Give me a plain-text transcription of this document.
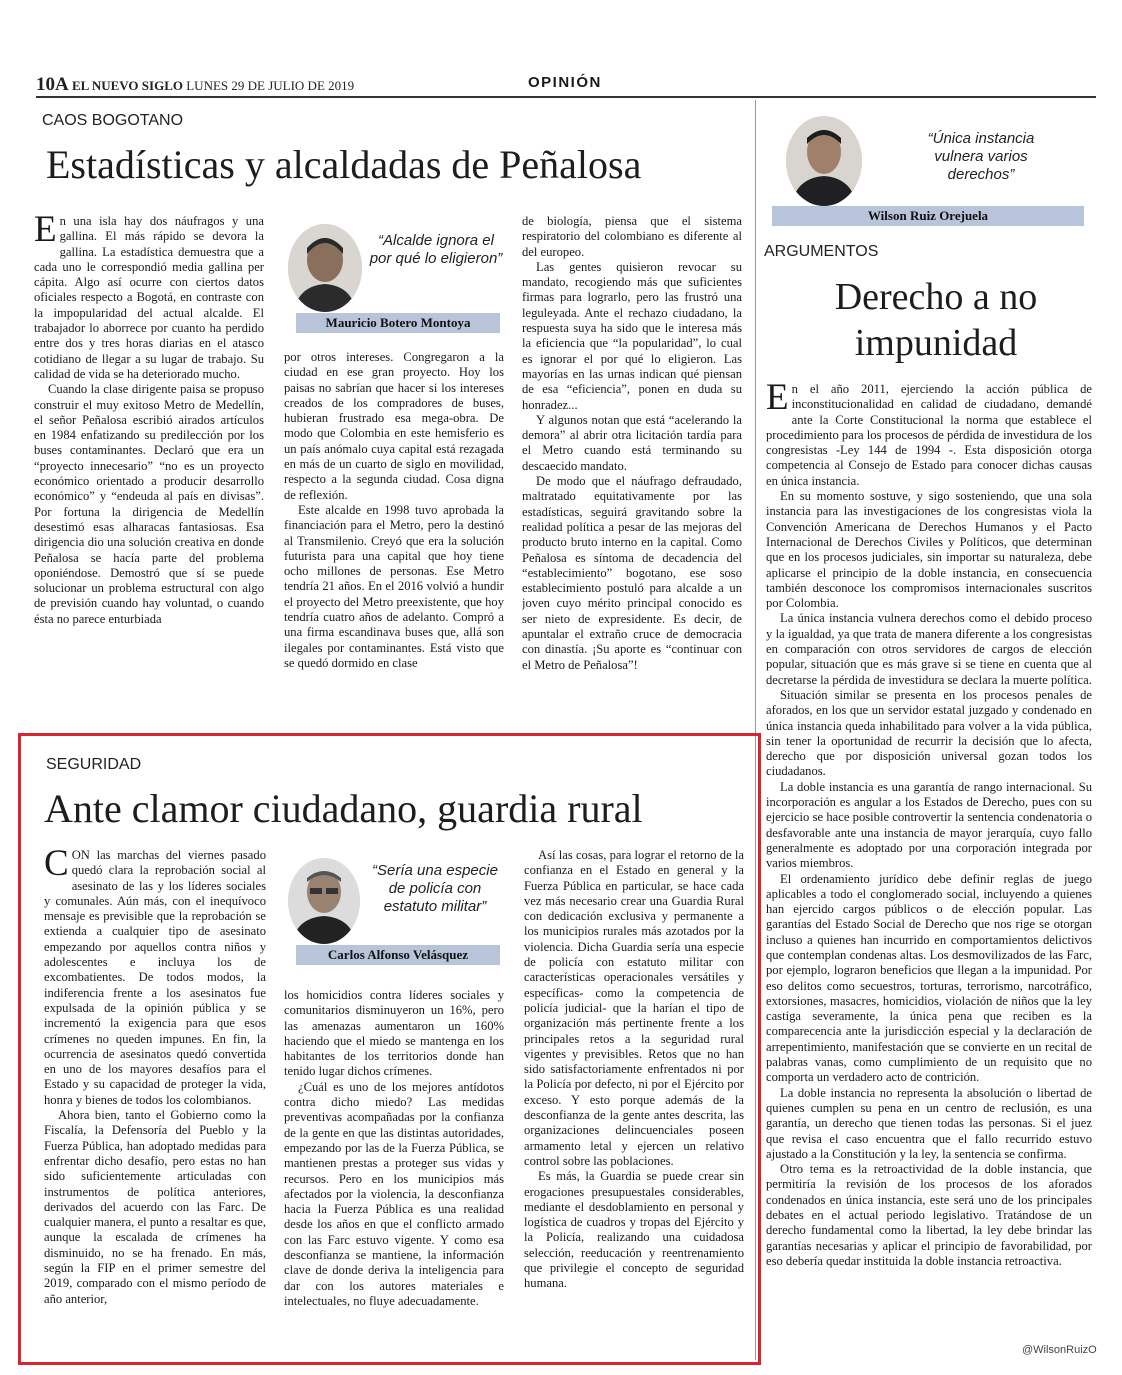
10A EL NUEVO SIGLO LUNES 29 DE JULIO DE 2019	OPINIÓN
CAOS BOGOTANO
Estadísticas y alcaldadas de Peñalosa

En una isla hay dos náufragos y una gallina. El más rápido se devora la gallina. La estadística demuestra que a cada uno le correspondió media gallina per cápita. Algo así ocurre con ciertos datos oficiales respecto a Bogotá, en contraste con la impopularidad del actual alcalde. El trabajador lo aborrece por cuanto ha perdido entre dos y tres horas diarias en el atasco cotidiano de llegar a su lugar de trabajo. Su calidad de vida se ha deteriorado mucho.

Cuando la clase dirigente paisa se propuso construir el muy exitoso Metro de Medellín, el señor Peñalosa escribió airados artículos en 1984 enfatizando su predilección por los buses contaminantes. Declaró que era un “proyecto innecesario” “no es un proyecto económico orientado a producir desarrollo económico” y “endeuda al país en divisas”. Por fortuna la dirigencia de Medellín desestimó esas alharacas fantasiosas. Esa dirigencia dio una solución creativa en donde Peñalosa se hacía parte del problema oponiéndose. Demostró que sí se puede solucionar un problema estructural con algo de previsión cuando hay voluntad, o cuando ésta no parece enturbiada

“Alcalde ignora el por qué lo eligieron”
Mauricio Botero Montoya

por otros intereses. Congregaron a la ciudad en ese gran proyecto. Hoy los paisas no sabrían que hacer si los intereses creados de los compradores de buses, hubieran frustrado esa mega-obra. De modo que Colombia en este hemisferio es un país anómalo cuya capital está rezagada en más de un cuarto de siglo en movilidad, respecto a la segunda ciudad. Cosa digna de reflexión.

Este alcalde en 1998 tuvo aprobada la financiación para el Metro, pero la destinó al Transmilenio. Creyó que era la solución futurista para una capital que hoy tiene ocho millones de personas. Ese Metro tendría 21 años. En el 2016 volvió a hundir el proyecto del Metro preexistente, que hoy tendría cuatro años de adelanto. Compró a una firma escandinava buses que, allá son ilegales por contaminantes. Está visto que se quedó dormido en clase

de biología, piensa que el sistema respiratorio del colombiano es diferente al del europeo.

Las gentes quisieron revocar su mandato, recogiendo más que suficientes firmas para lograrlo, pero las frustró una leguleyada. Ante el rechazo ciudadano, la respuesta suya ha sido que le interesa más la eficiencia que “la popularidad”, lo cual es ignorar el por qué lo eligieron. Las mayorías en las urnas indican qué piensan de esa “eficiencia”, ponen en duda su honradez...

Y algunos notan que está “acelerando la demora” al abrir otra licitación tardía para el Metro cuando está terminando su descaecido mandato.

De modo que el náufrago defraudado, maltratado equitativamente por las estadísticas, seguirá gravitando sobre la realidad política a pesar de las mejoras del producto bruto interno en la capital. Como Peñalosa es síntoma de decadencia del “establecimiento” bogotano, ese soso establecimiento postuló para alcalde a un joven cuyo mérito principal conocido es ser nieto de expresidente. Es decir, de apuntalar el extraño cruce de democracia con dinastía. ¡Su aporte es “continuar con el Metro de Peñalosa”!

SEGURIDAD
Ante clamor ciudadano, guardia rural

CON las marchas del viernes pasado quedó clara la reprobación social al asesinato de las y los líderes sociales y comunales. Aún más, con el inequívoco mensaje es previsible que la reprobación se extienda a cualquier tipo de asesinato empezando por aquellos contra niños y adolescentes e incluya los de excombatientes. De todos modos, la indiferencia frente a los asesinatos fue expulsada de la opinión pública y se incrementó la exigencia para que esos crímenes no queden impunes. En fin, la ocurrencia de asesinatos quedó convertida en uno de los mayores desafíos para el Estado y su capacidad de proteger la vida, honra y bienes de todos los colombianos.

Ahora bien, tanto el Gobierno como la Fiscalía, la Defensoría del Pueblo y la Fuerza Pública, han adoptado medidas para enfrentar dicho desafío, pero estas no han sido suficientemente articuladas con instrumentos de política anteriores, derivados del acuerdo con las Farc. De cualquier manera, el punto a resaltar es que, aunque la escalada de crímenes ha disminuido, no se ha frenado. En más, según la FIP en el primer semestre del 2019, comparado con el mismo período de año anterior,

“Sería una especie de policía con estatuto militar”
Carlos Alfonso Velásquez

los homicidios contra líderes sociales y comunitarios disminuyeron un 16%, pero las amenazas aumentaron un 160% haciendo que el miedo se mantenga en los habitantes de los territorios donde han tenido lugar dichos crímenes.

¿Cuál es uno de los mejores antídotos contra dicho miedo? Las medidas preventivas acompañadas por la confianza de la gente en que las distintas autoridades, empezando por las de la Fuerza Pública, se mantienen prestas a proteger sus vidas y recursos. Pero en los municipios más afectados por la violencia, la desconfianza hacia la Fuerza Pública es una realidad desde los años en que el conflicto armado con las Farc estuvo vigente. Y como esa desconfianza se mantiene, la información clave de donde deriva la inteligencia para dar con los autores materiales e intelectuales, no fluye adecuadamente.

Así las cosas, para lograr el retorno de la confianza en el Estado en general y la Fuerza Pública en particular, se hace cada vez más necesario crear una Guardia Rural con dedicación exclusiva y permanente a los municipios rurales más azotados por la violencia. Dicha Guardia sería una especie de policía con estatuto militar con características operacionales versátiles y específicas- como la competencia de policía judicial- que la harían el tipo de organización más pertinente frente a los principales retos a la seguridad rural vigentes y previsibles. Retos que no han sido satisfactoriamente enfrentados ni por la Policía por defecto, ni por el Ejército por exceso. Y esto porque además de la desconfianza de la gente antes descrita, las organizaciones delincuenciales poseen armamento letal y ejercen un relativo control sobre las poblaciones.

Es más, la Guardia se puede crear sin erogaciones presupuestales considerables, mediante el desdoblamiento en personal y logística de cuadros y tropas del Ejército y la Policía, realizando una cuidadosa selección, reeducación y reentrenamiento que privilegie el concepto de seguridad humana.

“Única instancia vulnera varios derechos”
Wilson Ruiz Orejuela
ARGUMENTOS
Derecho a no
impunidad

En el año 2011, ejerciendo la acción pública de inconstitucionalidad en calidad de ciudadano, demandé ante la Corte Constitucional la norma que establece el procedimiento para los procesos de pérdida de investidura de los congresistas -Ley 144 de 1994 -. Esta disposición otorga competencia al Consejo de Estado para conocer dichas causas en única instancia.

En su momento sostuve, y sigo sosteniendo, que una sola instancia para las investigaciones de los congresistas viola la Convención Americana de Derechos Humanos y el Pacto Internacional de Derechos Civiles y Políticos, que determinan que en los procesos judiciales, sin importar su naturaleza, debe aplicarse el principio de la doble instancia, en consecuencia también desconoce los compromisos internacionales suscritos por Colombia.

La única instancia vulnera derechos como el debido proceso y la igualdad, ya que trata de manera diferente a los congresistas en comparación con otros servidores de cargos de elección popular, situación que es más grave si se tiene en cuenta que al decretarse la pérdida de investidura se declara la muerte política.

Situación similar se presenta en los procesos penales de aforados, en los que un servidor estatal juzgado y condenado en única instancia queda inhabilitado para volver a la vida pública, sin tener la oportunidad de recurrir la decisión que lo afecta, derecho que por disposición universal gozan todos los ciudadanos.

La doble instancia es una garantía de rango internacional. Su incorporación es angular a los Estados de Derecho, pues con su ejercicio se hace posible controvertir la sentencia condenatoria o desfavorable ante una instancia de mayor jerarquía, cuyo fallo generalmente es adoptado por una corporación integrada por varios miembros.

El ordenamiento jurídico debe definir reglas de juego aplicables a todo el conglomerado social, incluyendo a quienes han ejercido cargos públicos o de elección popular. Las garantías del Estado Social de Derecho que nos rige se otorgan incluso a quienes han incurrido en comportamientos delictivos que contemplan condenas altas. Los desmovilizados de las Farc, por ejemplo, lograron beneficios que llegan a la impunidad. Por eso delitos como secuestros, torturas, terrorismo, narcotráfico, extorsiones, masacres, homicidios, violación de niños que la ley castiga severamente, la única pena que reciben es la comparecencia ante la jurisdicción especial y la declaración de arrepentimiento, manifestación que se convierte en un recital de palabras vanas, como cumplimiento de un requisito que no comporta un verdadero acto de contrición.

La doble instancia no representa la absolución o libertad de quienes cumplen su pena en un centro de reclusión, es una garantía, un derecho que tienen todas las personas. Si el juez que revisa el caso encuentra que el fallo recurrido estuvo ajustado a la Constitución y la ley, la sentencia se confirma.

Otro tema es la retroactividad de la doble instancia, que permitiría la revisión de los procesos de los aforados condenados en única instancia, este será uno de los principales debates en el actual periodo legislativo. Tratándose de un derecho fundamental como la libertad, la ley debe brindar las garantías necesarias y aplicar el principio de favorabilidad, por eso debería quedar instituida la doble instancia retroactiva.

@WilsonRuizO
